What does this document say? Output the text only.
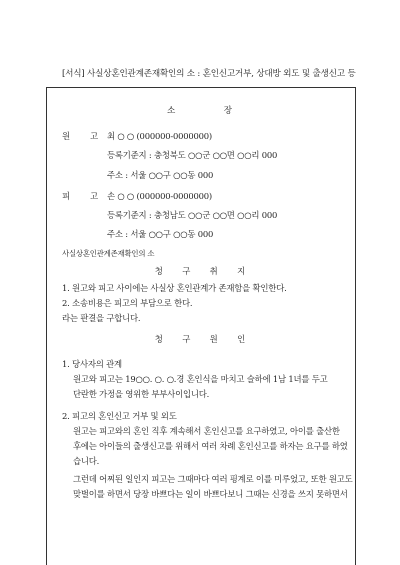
[서식] 사실상혼인관계존재확인의 소 : 혼인신고거부, 상대방 외도 및 출생신고 등
소	장
원 고 최 ○ ○ (000000-0000000)
등록기준지 : 충청북도 ○○군 ○○면 ○○리 000
주소 : 서울 ○○구 ○○동 000
피 고 손 ○ ○ (000000-0000000)
등록기준지 : 충청남도 ○○군 ○○면 ○○리 000
주소 : 서울 ○○구 ○○동 000
사실상혼인관계존재확인의 소
청 구 취 지
1. 원고와 피고 사이에는 사실상 혼인관계가 존재함을 확인한다.
2. 소송비용은 피고의 부담으로 한다.
라는 판결을 구합니다.
청 구 원 인
1. 당사자의 관계
원고와 피고는 19○○. ○. ○.경 혼인식을 마치고 슬하에 1남 1녀를 두고
단란한 가정을 영위한 부부사이입니다.
2. 피고의 혼인신고 거부 및 외도
원고는 피고와의 혼인 직후 계속해서 혼인신고를 요구하였고, 아이를 출산한
후에는 아이들의 출생신고를 위해서 여러 차례 혼인신고를 하자는 요구를 하였
습니다.
그런데 어찌된 일인지 피고는 그때마다 여러 핑계로 이를 미루었고, 또한 원고도
맞벌이를 하면서 당장 바쁘다는 일이 바쁘다보니 그때는 신경을 쓰지 못하면서
